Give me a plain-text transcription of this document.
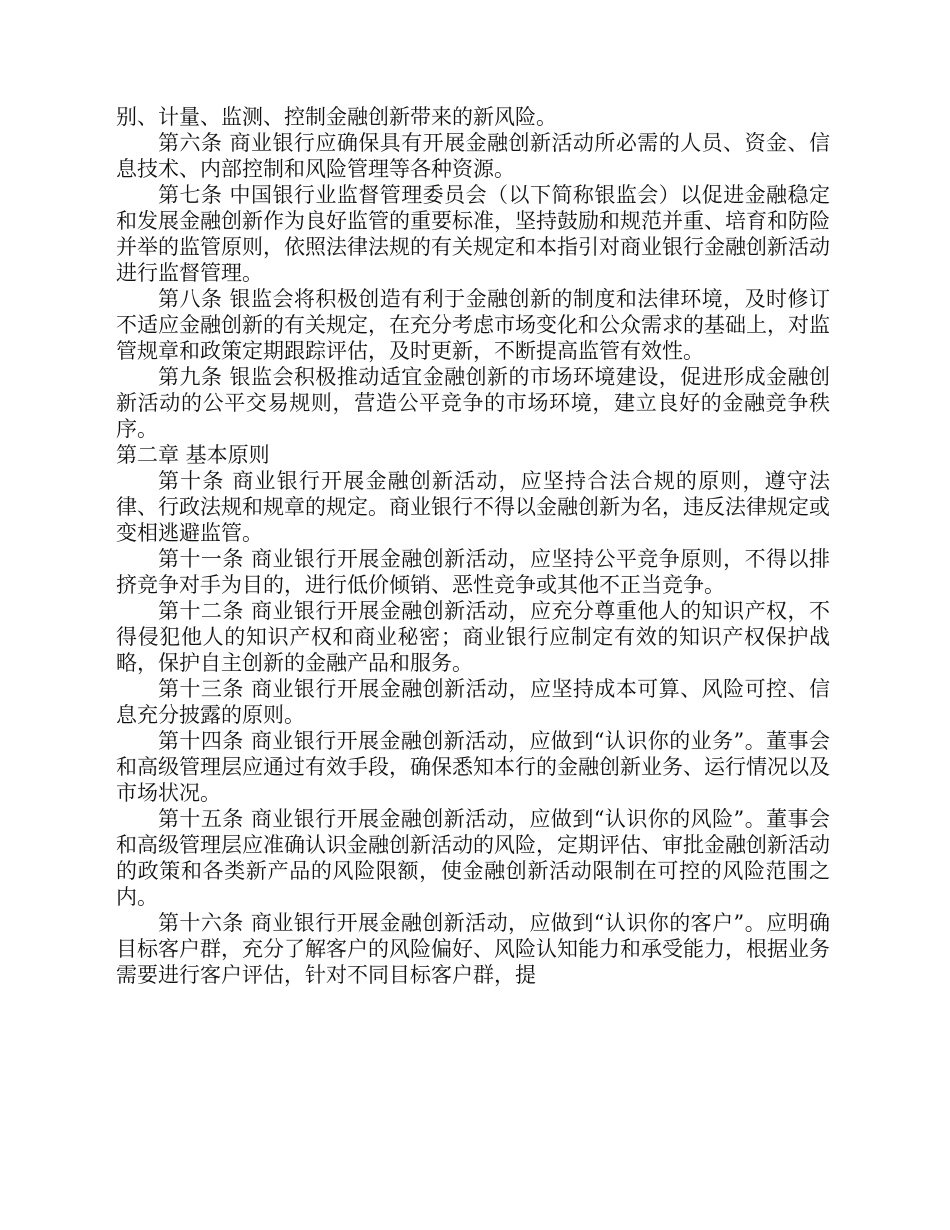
别、计量、监测、控制金融创新带来的新风险。

第六条 商业银行应确保具有开展金融创新活动所必需的人员、资金、信息技术、内部控制和风险管理等各种资源。

第七条 中国银行业监督管理委员会（以下简称银监会）以促进金融稳定和发展金融创新作为良好监管的重要标准，坚持鼓励和规范并重、培育和防险并举的监管原则，依照法律法规的有关规定和本指引对商业银行金融创新活动进行监督管理。

第八条 银监会将积极创造有利于金融创新的制度和法律环境，及时修订不适应金融创新的有关规定，在充分考虑市场变化和公众需求的基础上，对监管规章和政策定期跟踪评估，及时更新，不断提高监管有效性。

第九条 银监会积极推动适宜金融创新的市场环境建设，促进形成金融创新活动的公平交易规则，营造公平竞争的市场环境，建立良好的金融竞争秩序。

第二章 基本原则

第十条 商业银行开展金融创新活动，应坚持合法合规的原则，遵守法律、行政法规和规章的规定。商业银行不得以金融创新为名，违反法律规定或变相逃避监管。

第十一条 商业银行开展金融创新活动，应坚持公平竞争原则，不得以排挤竞争对手为目的，进行低价倾销、恶性竞争或其他不正当竞争。

第十二条 商业银行开展金融创新活动，应充分尊重他人的知识产权，不得侵犯他人的知识产权和商业秘密；商业银行应制定有效的知识产权保护战略，保护自主创新的金融产品和服务。

第十三条 商业银行开展金融创新活动，应坚持成本可算、风险可控、信息充分披露的原则。

第十四条 商业银行开展金融创新活动，应做到“认识你的业务”。董事会和高级管理层应通过有效手段，确保悉知本行的金融创新业务、运行情况以及市场状况。

第十五条 商业银行开展金融创新活动，应做到“认识你的风险”。董事会和高级管理层应准确认识金融创新活动的风险，定期评估、审批金融创新活动的政策和各类新产品的风险限额，使金融创新活动限制在可控的风险范围之内。

第十六条 商业银行开展金融创新活动，应做到“认识你的客户”。应明确目标客户群，充分了解客户的风险偏好、风险认知能力和承受能力，根据业务需要进行客户评估，针对不同目标客户群，提
